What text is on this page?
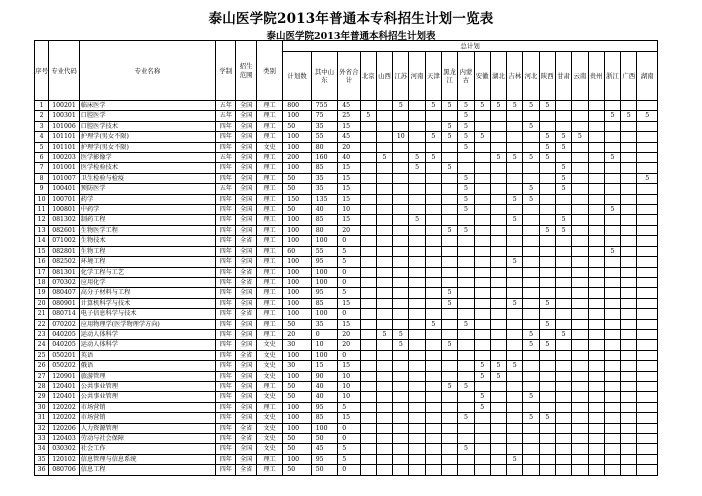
泰山医学院2013年普通本专科招生计划一览表
泰山医学院2013年普通本科招生计划表
序号	专业代码	专业名称	学制	招生范围	类别	总计划																				
						计划数	其中山东	外省合计	北京	山西	江苏	河南	天津	黑龙江	内蒙古	安徽	湖北	吉林	河北	陕西	甘肃	云南	贵州	浙江	广西	湖南
1	100201	临床医学	五年	全国	理工	800	755	45			5		5	5	5	5	5	5	5	5						
2	100301	口腔医学	五年	全国	理工	100	75	25	5						5									5	5	5
3	101006	口腔医学技术	四年	全国	理工	50	35	15						5	5				5							
4	101101	护理学(男女不限)	四年	全国	理工	100	55	45			10		5	5	5	5				5	5	5				
5	101101	护理学(男女不限)	四年	全国	文史	100	80	20							5					5	5					
6	100203	医学影像学	五年	全国	理工	200	160	40		5		5	5				5	5	5	5				5		
7	101001	医学检验技术	四年	全国	理工	100	85	15				5		5							5					
8	101007	卫生检验与检疫	四年	全国	理工	50	35	15							5						5					5
9	100401	预防医学	五年	全国	理工	50	35	15							5				5		5					
10	100701	药学	四年	全国	理工	150	135	15							5			5	5							
11	100801	中药学	四年	全国	理工	50	40	10							5									5		
12	081302	制药工程	四年	全国	理工	100	85	15				5						5			5					
13	082601	生物医学工程	四年	全国	理工	100	80	20						5	5					5	5					
14	071002	生物技术	四年	全省	理工	100	100	0																		
15	082801	生物工程	四年	全国	理工	60	55	5																5		
16	082502	环境工程	四年	全国	理工	100	95	5										5								
17	081301	化学工程与工艺	四年	全省	理工	100	100	0																		
18	070302	应用化学	四年	全省	理工	100	100	0																		
19	080407	高分子材料与工程	四年	全国	理工	100	95	5						5												
20	080901	计算机科学与技术	四年	全国	理工	100	85	15						5				5		5						
21	080714	电子信息科学与技术	四年	全省	理工	100	100	0																		
22	070202	应用物理学(医学物理学方向)	四年	全国	理工	50	35	15					5		5					5						
23	040205	运动人体科学	四年	全国	理工	20	0	20		5	5								5		5					
24	040205	运动人体科学	四年	全国	文史	30	10	20			5			5					5	5						
25	050201	英语	四年	全省	文史	100	100	0																		
26	050202	俄语	四年	全国	文史	30	15	15								5	5	5								
27	120901	旅游管理	四年	全国	文史	100	90	10								5	5									
28	120401	公共事业管理	四年	全国	理工	50	40	10						5	5											
29	120401	公共事业管理	四年	全国	文史	50	40	10								5			5							
30	120202	市场营销	四年	全国	理工	100	95	5								5										
31	120202	市场营销	四年	全国	文史	100	85	15							5				5	5						
32	120206	人力资源管理	四年	全省	文史	100	100	0																		
33	120403	劳动与社会保障	四年	全省	文史	50	50	0																		
34	030302	社会工作	四年	全国	文史	50	45	5							5											
35	120102	信息管理与信息系统	四年	全国	理工	100	95	5										5								
36	080706	信息工程	四年	全省	理工	50	50	0																		
